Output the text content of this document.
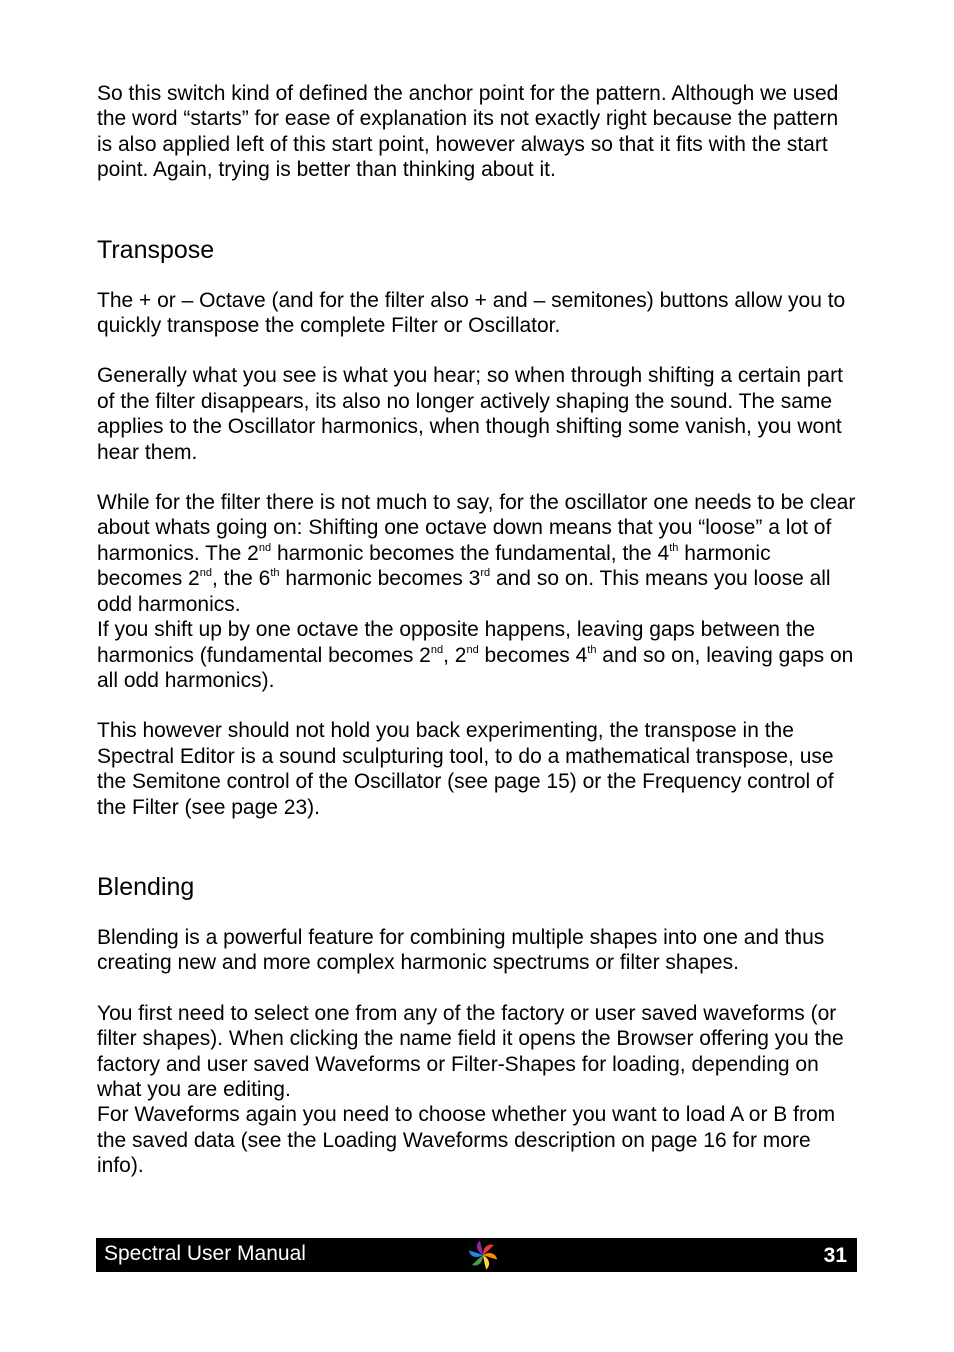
So this switch kind of defined the anchor point for the pattern. Although we used the word “starts” for ease of explanation its not exactly right because the pattern is also applied left of this start point, however always so that it fits with the start point. Again, trying is better than thinking about it.

Transpose

The + or – Octave (and for the filter also + and – semitones) buttons allow you to quickly transpose the complete Filter or Oscillator.

Generally what you see is what you hear; so when through shifting a certain part of the filter disappears, its also no longer actively shaping the sound. The same applies to the Oscillator harmonics, when though shifting some vanish, you wont hear them.

While for the filter there is not much to say, for the oscillator one needs to be clear about whats going on: Shifting one octave down means that you “loose” a lot of harmonics. The 2nd harmonic becomes the fundamental, the 4th harmonic becomes 2nd, the 6th harmonic becomes 3rd and so on. This means you loose all odd harmonics.

If you shift up by one octave the opposite happens, leaving gaps between the harmonics (fundamental becomes 2nd, 2nd becomes 4th and so on, leaving gaps on all odd harmonics).

This however should not hold you back experimenting, the transpose in the Spectral Editor is a sound sculpturing tool, to do a mathematical transpose, use the Semitone control of the Oscillator (see page 15) or the Frequency control of the Filter (see page 23).

Blending

Blending is a powerful feature for combining multiple shapes into one and thus creating new and more complex harmonic spectrums or filter shapes.

You first need to select one from any of the factory or user saved waveforms (or filter shapes). When clicking the name field it opens the Browser offering you the factory and user saved Waveforms or Filter-Shapes for loading, depending on what you are editing.

For Waveforms again you need to choose whether you want to load A or B from the saved data (see the Loading Waveforms description on page 16 for more info).

Spectral User Manual	31
